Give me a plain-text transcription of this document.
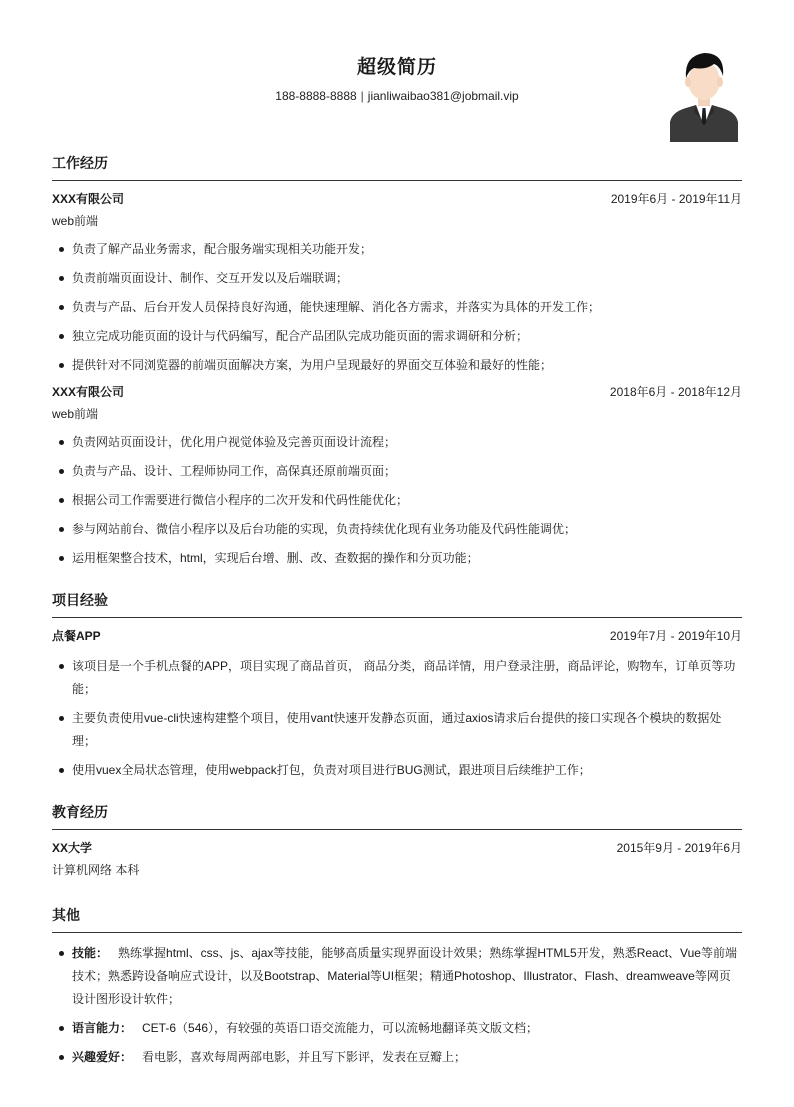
超级简历
188-8888-8888 | jianliwaibao381@jobmail.vip
工作经历
XXX有限公司	2019年6月 - 2019年11月
web前端
负责了解产品业务需求，配合服务端实现相关功能开发；
负责前端页面设计、制作、交互开发以及后端联调；
负责与产品、后台开发人员保持良好沟通，能快速理解、消化各方需求，并落实为具体的开发工作；
独立完成功能页面的设计与代码编写，配合产品团队完成功能页面的需求调研和分析；
提供针对不同浏览器的前端页面解决方案，为用户呈现最好的界面交互体验和最好的性能；
XXX有限公司	2018年6月 - 2018年12月
web前端
负责网站页面设计，优化用户视觉体验及完善页面设计流程；
负责与产品、设计、工程师协同工作，高保真还原前端页面；
根据公司工作需要进行微信小程序的二次开发和代码性能优化；
参与网站前台、微信小程序以及后台功能的实现，负责持续优化现有业务功能及代码性能调优；
运用框架整合技术，html，实现后台增、删、改、查数据的操作和分页功能；
项目经验
点餐APP	2019年7月 - 2019年10月
该项目是一个手机点餐的APP，项目实现了商品首页， 商品分类，商品详情，用户登录注册，商品评论，购物车，订单页等功能；
主要负责使用vue-cli快速构建整个项目，使用vant快速开发静态页面，通过axios请求后台提供的接口实现各个模块的数据处理；
使用vuex全局状态管理，使用webpack打包，负责对项目进行BUG测试，跟进项目后续维护工作；
教育经历
XX大学	2015年9月 - 2019年6月
计算机网络 本科
其他
技能： 熟练掌握html、css、js、ajax等技能，能够高质量实现界面设计效果；熟练掌握HTML5开发，熟悉React、Vue等前端技术；熟悉跨设备响应式设计，以及Bootstrap、Material等UI框架；精通Photoshop、Illustrator、Flash、dreamweave等网页设计图形设计软件；
语言能力： CET-6（546），有较强的英语口语交流能力，可以流畅地翻译英文版文档；
兴趣爱好： 看电影，喜欢每周两部电影，并且写下影评，发表在豆瓣上；
